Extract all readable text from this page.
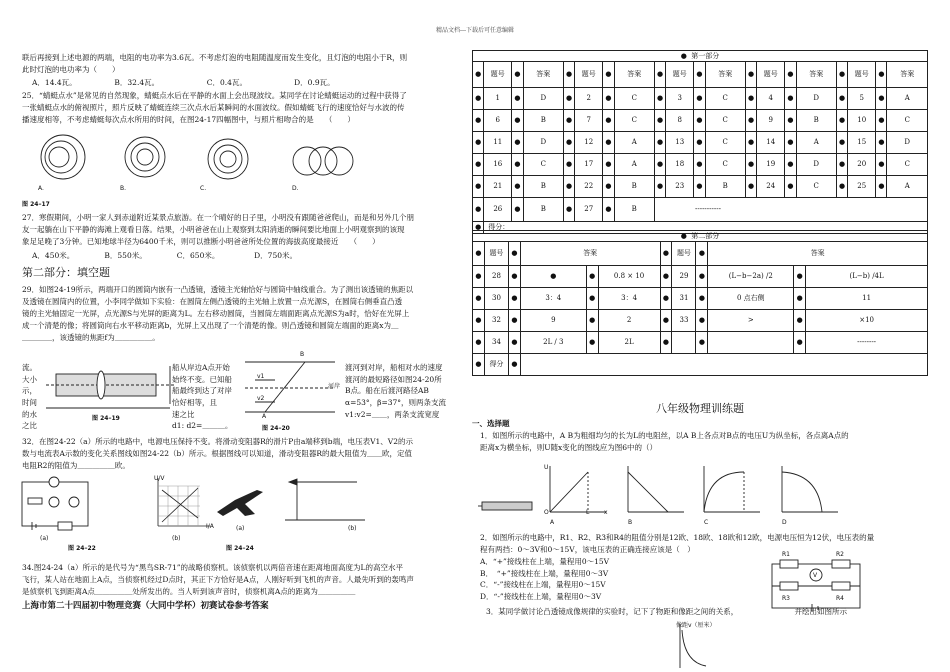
精品文档---下载后可任意编辑
联后再接到上述电源的两端，电阻的电功率为3.6瓦。不考虑灯泡的电阻随温度而发生变化，且灯泡的电阻小于R，则
此时灯泡的电功率为（　　）
A．14.4瓦。	B．32.4瓦。	C．0.4瓦。	D．0.9瓦。
25．“蜻蜓点水”是常见的自然现象，蜻蜓点水后在平静的水面上会出现波纹。某同学在讨论蜻蜓运动的过程中获得了
一张蜻蜓点水的俯视照片，照片反映了蜻蜓连续三次点水后某瞬间的水面波纹。假如蜻蜓飞行的速度恰好与水波的传
播速度相等，不考虑蜻蜓每次点水所用的时间，在图24-17四幅图中，与照片相吻合的是　　（　　）
A.	B.	C.	D.
图 24–17
27．寒假期间，小明一家人到赤道附近某景点旅游。在一个晴好的日子里，小明没有跟随爸爸爬山，而是和另外几个朋
友一起躺在山下平静的海滩上观看日落。结果，小明爸爸在山上观察到太阳消逝的瞬间要比地面上小明观察到的该现
象足足晚了3分钟。已知地球半径为6400千米，则可以推断小明爸爸所处位置的海拔高度最接近　　（　　）
A．450米。	B．550米。	C．650米。	D．750米。
第二部分：填空题
29．如图24-19所示，两端开口的圆筒内嵌有一凸透镜，透镜主光轴恰好与圆筒中轴线重合。为了测出该透镜的焦距以
及透镜在圆筒内的位置，小李同学做如下实验：在圆筒左侧凸透镜的主光轴上放置一点光源S，在圆筒右侧垂直凸透
镜的主光轴固定一光屏，点光源S与光屏的距离为L。左右移动圆筒，当圆筒左端面距离点光源S为a时，恰好在光屏上
成一个清楚的像；将圆筒向右水平移动距离b，光屏上又出现了一个清楚的像。则凸透镜和圆筒左端面的距离x为＿
＿＿＿＿，该透镜的焦距f为＿＿＿＿＿。
流。
大小
示，
时间
的水
之比
图 24–19
船从岸边A点开始
始终不变。已知船
船最终到达了对岸
恰好相等，且
速之比
d1: d2=＿＿＿。
B
A
河岸
v1
v2
图 24–20
渡河到对岸，船相对水的速度
渡河的最短路径如图24-20所
B点。船在后渡河路径AB
α=53°，β=37°，则两条支流
v1:v2=＿＿，两条支流宽度
32．在图24-22（a）所示的电路中，电源电压保持不变。将滑动变阻器R的滑片P由a端移到b端，电压表V1、V2的示
数与电流表A示数的变化关系图线如图24-22（b）所示。根据图线可以知道，滑动变阻器R的最大阻值为＿＿欧，定值
电阻R2的阻值为＿＿＿＿＿欧。
U/V
I/A
(a)	(b)
图 24–22
(a)	(b)
图 24–24
34.图24-24（a）所示的是代号为“黑鸟SR-71”的战略侦察机。该侦察机以两倍音速在距离地面高度为L的高空水平
飞行，某人站在地面上A点，当侦察机经过D点时，其正下方恰好是A点，人刚好听到飞机的声音。人最先听到的轰鸣声
是侦察机飞到距离A点＿＿＿＿＿处所发出的。当人听到该声音时，侦察机离A点的距离为＿＿＿＿＿
上海市第二十四届初中物理竞赛（大同中学杯）初赛试卷参考答案
● 第一部分																			
●	题号	●	答案	●	题号	●	答案	●	题号	●	答案	●	题号	●	答案	●	题号	●	答案
●	1	●	D	●	2	●	C	●	3	●	C	●	4	●	D	●	5	●	A
●	6	●	B	●	7	●	C	●	8	●	C	●	9	●	B	●	10	●	C
●	11	●	D	●	12	●	A	●	13	●	C	●	14	●	A	●	15	●	D
●	16	●	C	●	17	●	A	●	18	●	C	●	19	●	D	●	20	●	C
●	21	●	B	●	22	●	B	●	23	●	B	●	24	●	C	●	25	●	A
●	26	●	B	●	27	●	B	-----------											
●	得分：																		
● 第二部分											
●	题号	●	答案			●	题号	●	答案		
●	28	●	●	●	0.8 × 10	●	29	●	(L−b−2a) /2	●	(L−b) /4L
●	30	●	3：4	●	3：4	●	31	●	0 点右侧	●	11
●	32	●	9	●	2	●	33	●	>	●	×10
●	34	●	2L / 3	●	2L	●		●		●	--------
●	得分	●									
八年级物理训练题
一、选择题
1．如图所示的电路中，A B为粗细均匀的长为L的电阻丝，以A B上各点对B点的电压U为纵坐标，各点离A点的
距离x为横坐标，则U随x变化的图线应为图6中的（）
A	B	C	D
U
x
L
O
2．如图所示的电路中，R1、R2、R3和R4的阻值分别是12欧、18欧、18欧和12欧，电源电压恒为12伏，电压表的量
程有两挡：0～3V和0～15V，该电压表的正确连接应该是（　）
A．“+”接线柱在上端，量程用0～15V
B．　“+”接线柱在上端，量程用0～3V
C．“-”接线柱在上端，量程用0～15V
D．“-”接线柱在上端，量程用0～3V
R1	R2
R3	R4
V
3．某同学做讨论凸透镜成像规律的实验时，记下了物距和像距之间的关系，　　　　　　　　并绘出如图所示
像距v（厘米）
